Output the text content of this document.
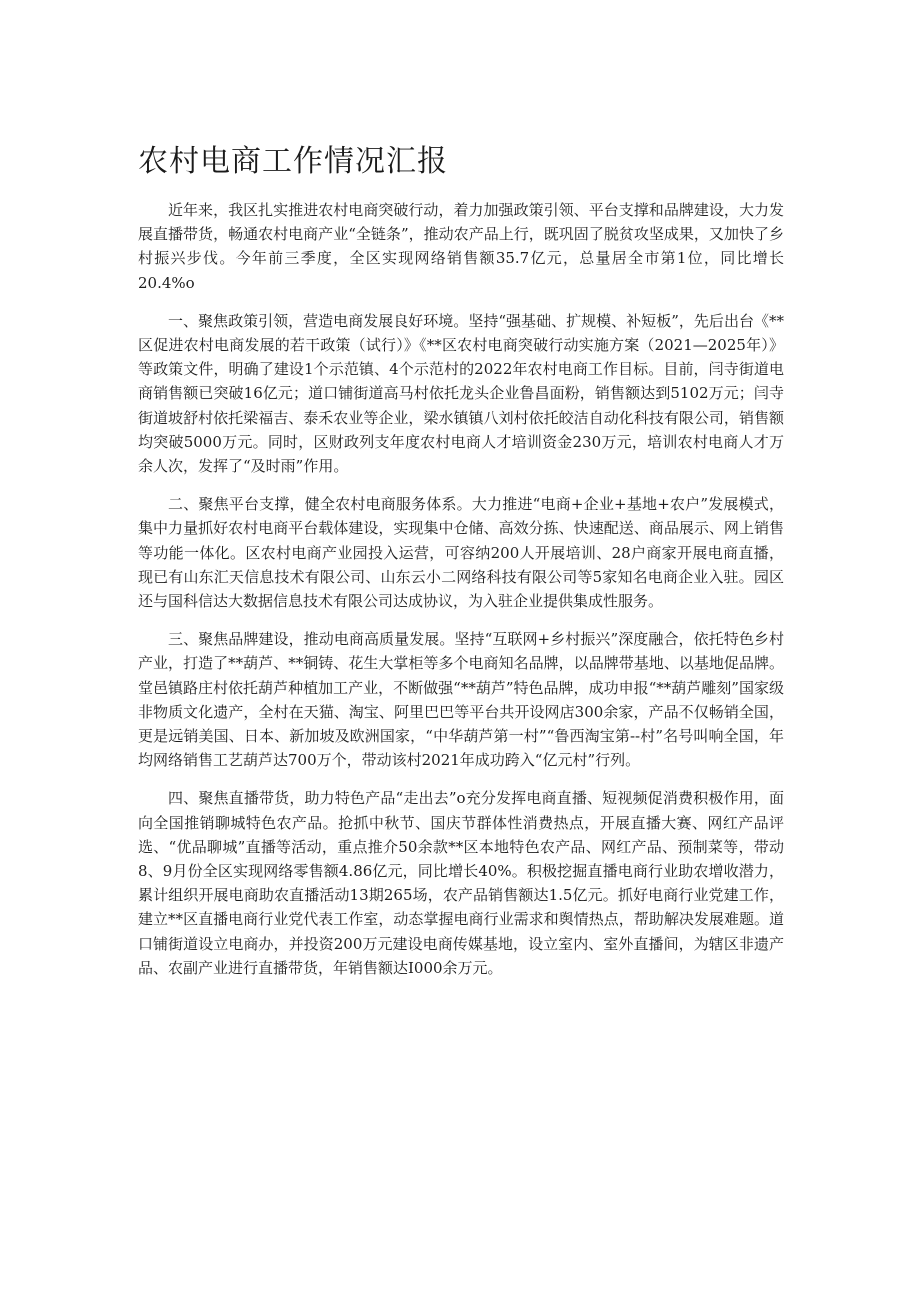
农村电商工作情况汇报

近年来，我区扎实推进农村电商突破行动，着力加强政策引领、平台支撑和品牌建设，大力发展直播带货，畅通农村电商产业“全链条”，推动农产品上行，既巩固了脱贫攻坚成果，又加快了乡村振兴步伐。今年前三季度，全区实现网络销售额35.7亿元，总量居全市第1位，同比增长20.4%o

一、聚焦政策引领，营造电商发展良好环境。坚持“强基础、扩规模、补短板”，先后出台《**区促进农村电商发展的若干政策（试行）》《**区农村电商突破行动实施方案（2021—2025年）》等政策文件，明确了建设1个示范镇、4个示范村的2022年农村电商工作目标。目前，闫寺街道电商销售额已突破16亿元；道口铺街道高马村依托龙头企业鲁昌面粉，销售额达到5102万元；闫寺街道坡舒村依托梁福吉、泰禾农业等企业，梁水镇镇八刘村依托皎洁自动化科技有限公司，销售额均突破5000万元。同时，区财政列支年度农村电商人才培训资金230万元，培训农村电商人才万余人次，发挥了“及时雨”作用。

二、聚焦平台支撑，健全农村电商服务体系。大力推进“电商+企业+基地+农户”发展模式，集中力量抓好农村电商平台载体建设，实现集中仓储、高效分拣、快速配送、商品展示、网上销售等功能一体化。区农村电商产业园投入运营，可容纳200人开展培训、28户商家开展电商直播，现已有山东汇天信息技术有限公司、山东云小二网络科技有限公司等5家知名电商企业入驻。园区还与国科信达大数据信息技术有限公司达成协议，为入驻企业提供集成性服务。

三、聚焦品牌建设，推动电商高质量发展。坚持“互联网+乡村振兴”深度融合，依托特色乡村产业，打造了**葫芦、**铜铸、花生大掌柜等多个电商知名品牌，以品牌带基地、以基地促品牌。堂邑镇路庄村依托葫芦种植加工产业，不断做强“**葫芦”特色品牌，成功申报“**葫芦雕刻”国家级非物质文化遗产，全村在天猫、淘宝、阿里巴巴等平台共开设网店300余家，产品不仅畅销全国，更是远销美国、日本、新加坡及欧洲国家，“中华葫芦第一村”“鲁西淘宝第--村”名号叫响全国，年均网络销售工艺葫芦达700万个，带动该村2021年成功跨入“亿元村”行列。

四、聚焦直播带货，助力特色产品“走出去”o充分发挥电商直播、短视频促消费积极作用，面向全国推销聊城特色农产品。抢抓中秋节、国庆节群体性消费热点，开展直播大赛、网红产品评选、“优品聊城”直播等活动，重点推介50余款**区本地特色农产品、网红产品、预制菜等，带动8、9月份全区实现网络零售额4.86亿元，同比增长40%。积极挖掘直播电商行业助农增收潜力，累计组织开展电商助农直播活动13期265场，农产品销售额达1.5亿元。抓好电商行业党建工作，建立**区直播电商行业党代表工作室，动态掌握电商行业需求和舆情热点，帮助解决发展难题。道口铺街道设立电商办，并投资200万元建设电商传媒基地，设立室内、室外直播间，为辖区非遗产品、农副产业进行直播带货，年销售额达I000余万元。
